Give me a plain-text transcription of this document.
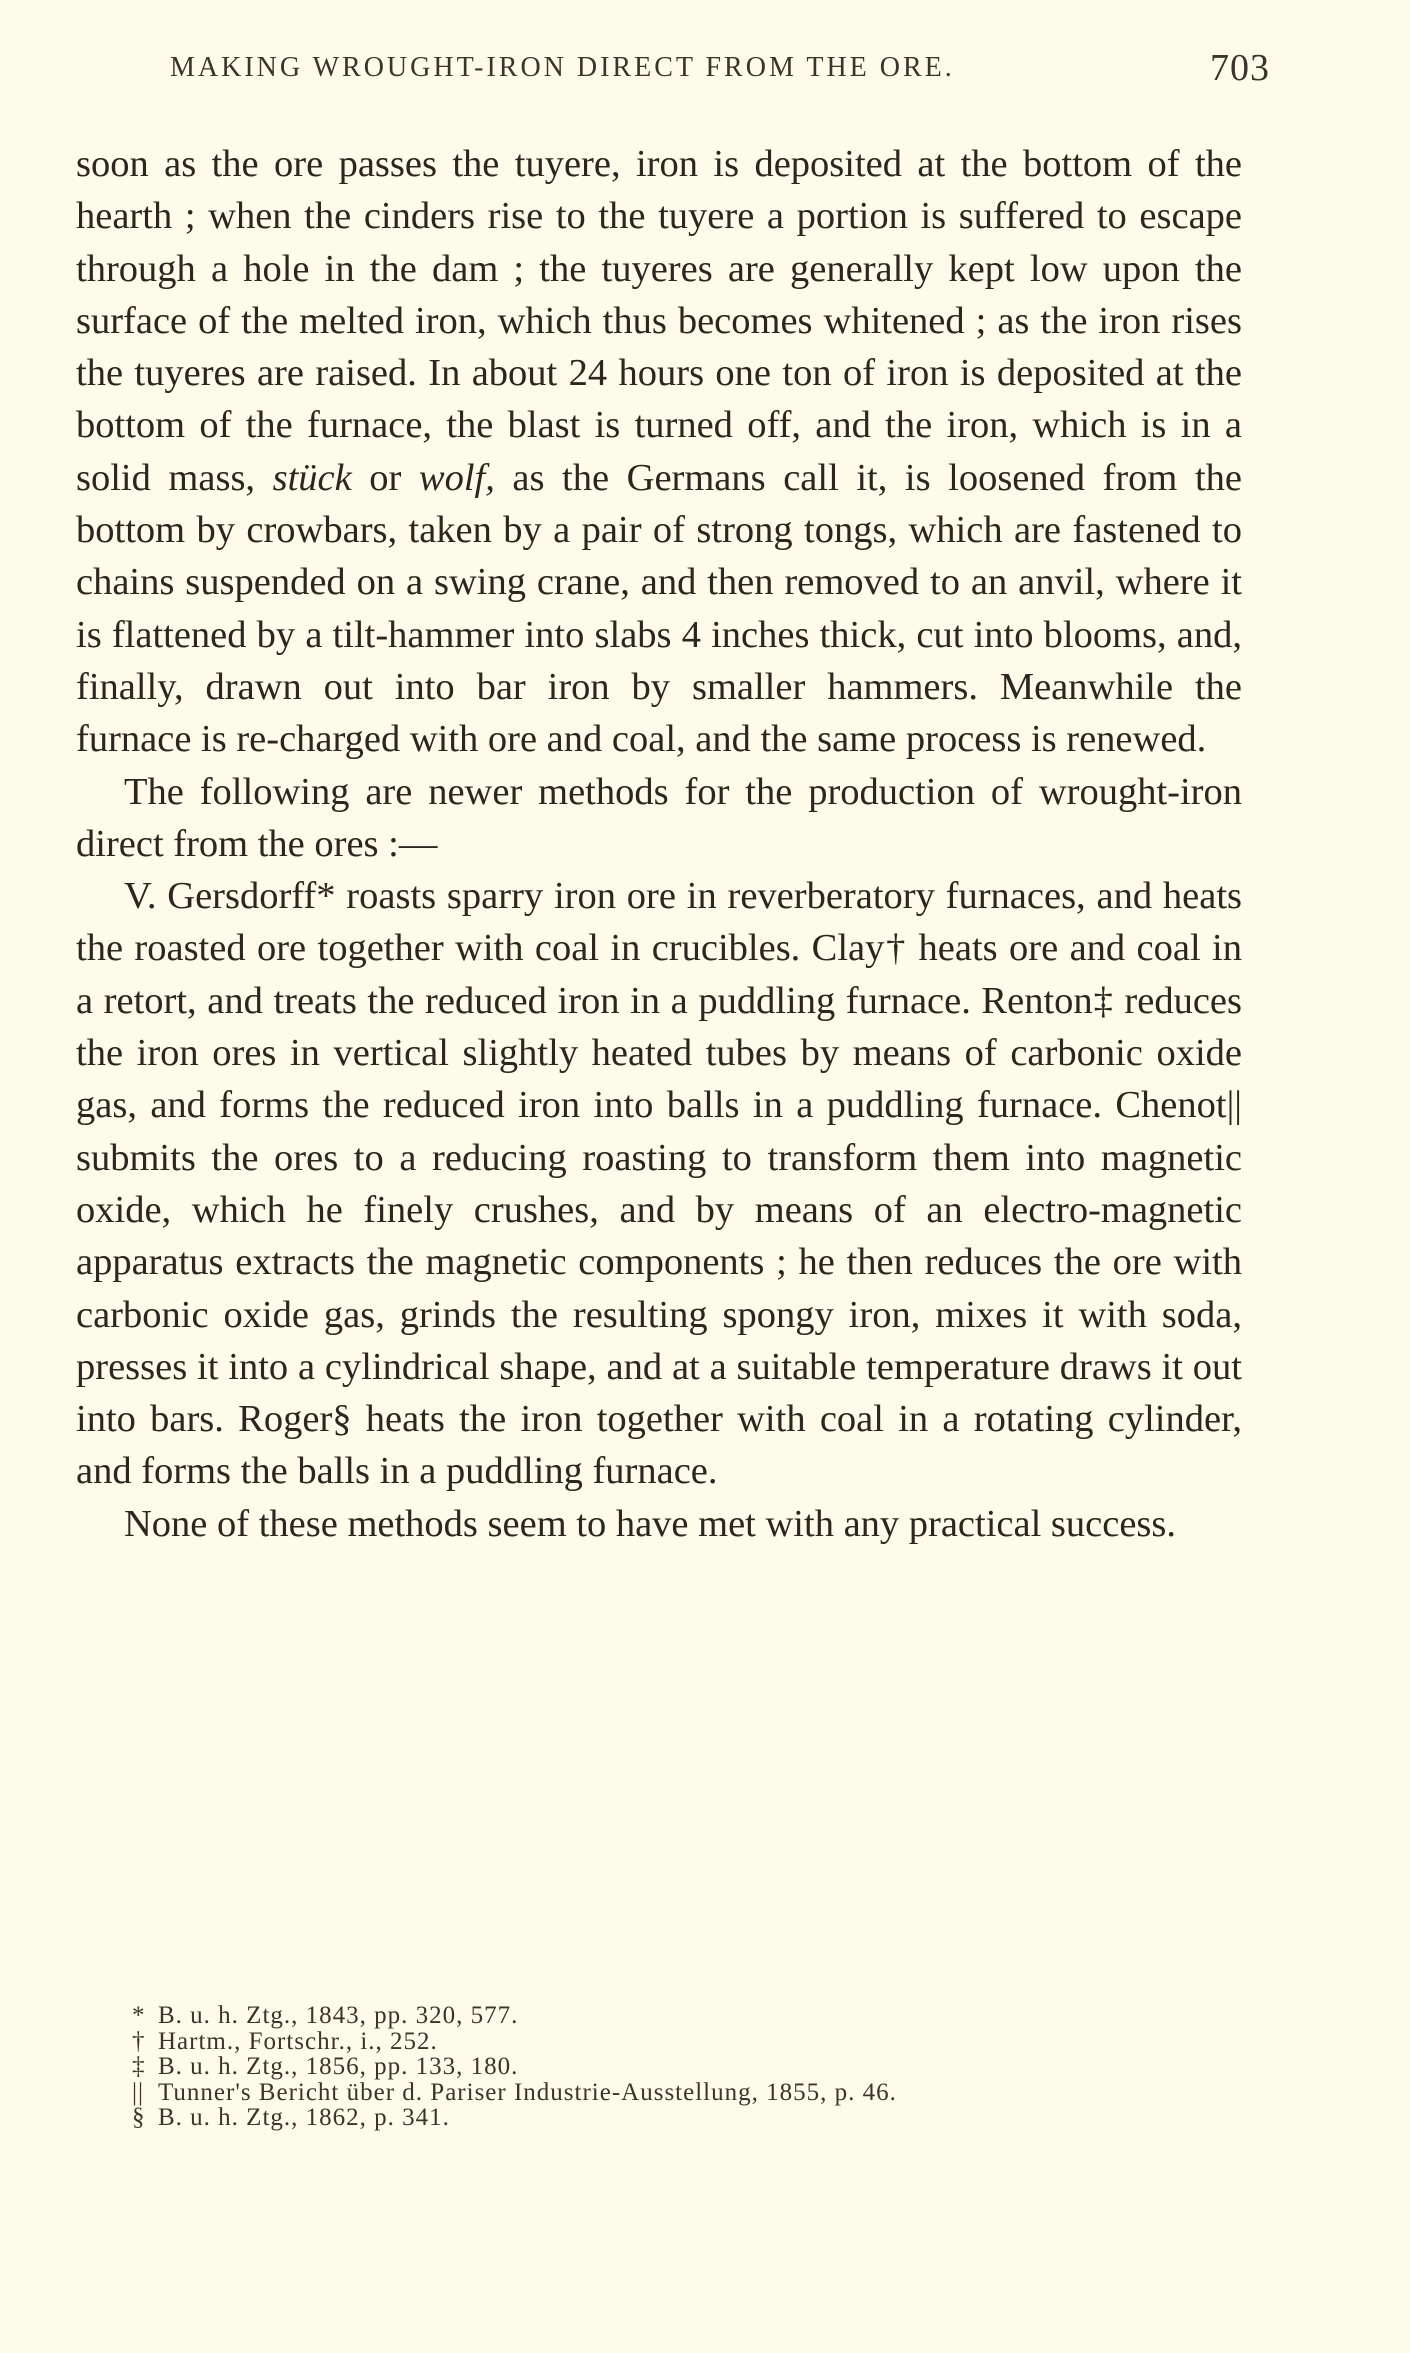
MAKING WROUGHT-IRON DIRECT FROM THE ORE.	703

soon as the ore passes the tuyere, iron is deposited at the bottom of the hearth ; when the cinders rise to the tuyere a portion is suffered to escape through a hole in the dam ; the tuyeres are generally kept low upon the surface of the melted iron, which thus becomes whitened ; as the iron rises the tuyeres are raised. In about 24 hours one ton of iron is deposited at the bottom of the furnace, the blast is turned off, and the iron, which is in a solid mass, stück or wolf, as the Germans call it, is loosened from the bottom by crowbars, taken by a pair of strong tongs, which are fastened to chains suspended on a swing crane, and then removed to an anvil, where it is flattened by a tilt-hammer into slabs 4 inches thick, cut into blooms, and, finally, drawn out into bar iron by smaller hammers. Meanwhile the furnace is re-charged with ore and coal, and the same process is renewed.

The following are newer methods for the production of wrought-iron direct from the ores :—

V. Gersdorff* roasts sparry iron ore in reverberatory furnaces, and heats the roasted ore together with coal in crucibles. Clay† heats ore and coal in a retort, and treats the reduced iron in a puddling furnace. Renton‡ reduces the iron ores in vertical slightly heated tubes by means of carbonic oxide gas, and forms the reduced iron into balls in a puddling furnace. Chenot|| submits the ores to a reducing roasting to transform them into magnetic oxide, which he finely crushes, and by means of an electro-magnetic apparatus extracts the magnetic components ; he then reduces the ore with carbonic oxide gas, grinds the resulting spongy iron, mixes it with soda, presses it into a cylindrical shape, and at a suitable temperature draws it out into bars. Roger§ heats the iron together with coal in a rotating cylinder, and forms the balls in a puddling furnace.

None of these methods seem to have met with any practical success.

* B. u. h. Ztg., 1843, pp. 320, 577.
† Hartm., Fortschr., i., 252.
‡ B. u. h. Ztg., 1856, pp. 133, 180.
|| Tunner's Bericht über d. Pariser Industrie-Ausstellung, 1855, p. 46.
§ B. u. h. Ztg., 1862, p. 341.
